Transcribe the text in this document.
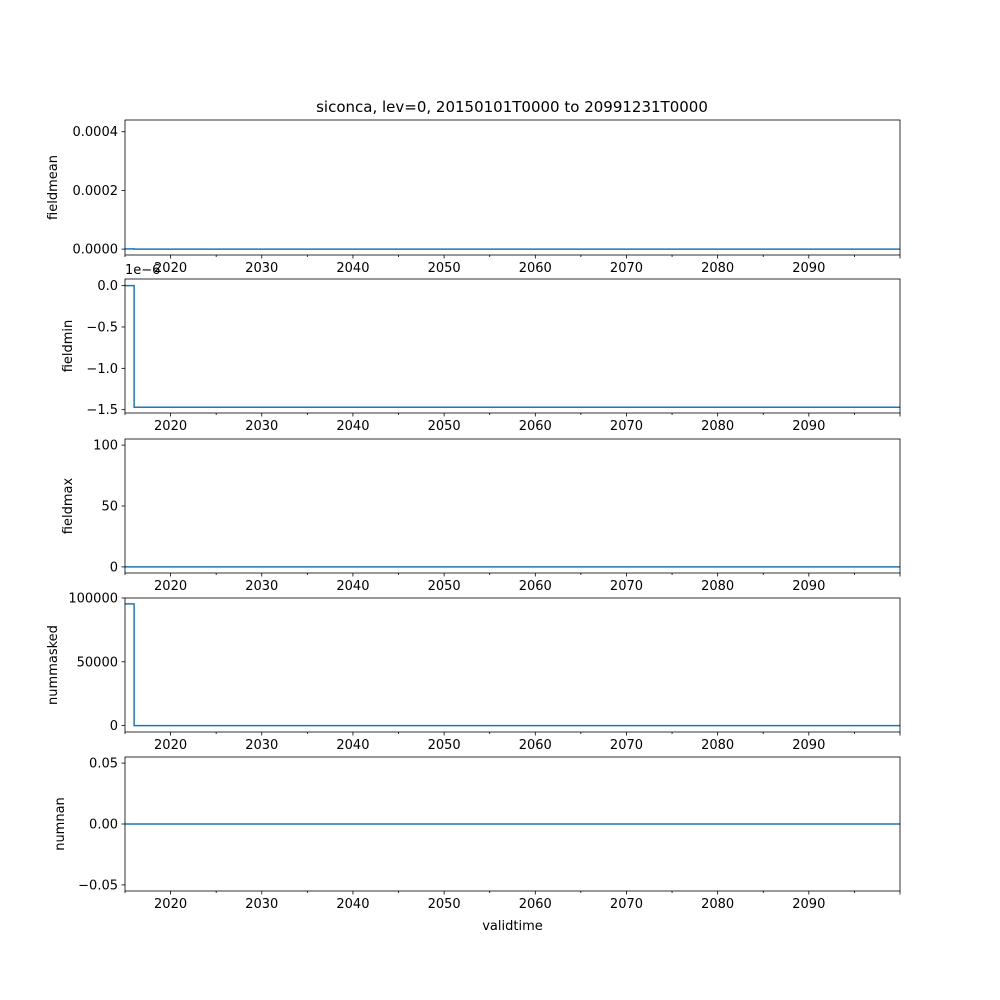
siconca, lev=0, 20150101T0000 to 20991231T0000
2020	2030	2040	2050	2060	2070	2080	2090
0.0000
0.0002
0.0004
fieldmean
2020	2030	2040	2050	2060	2070	2080	2090
0.0
−0.5
−1.0
−1.5
fieldmin
1e−6
2020	2030	2040	2050	2060	2070	2080	2090
0
50
100
fieldmax
2020	2030	2040	2050	2060	2070	2080	2090
0
50000
100000
nummasked
2020	2030	2040	2050	2060	2070	2080	2090
0.05
0.00
−0.05
numnan
validtime
